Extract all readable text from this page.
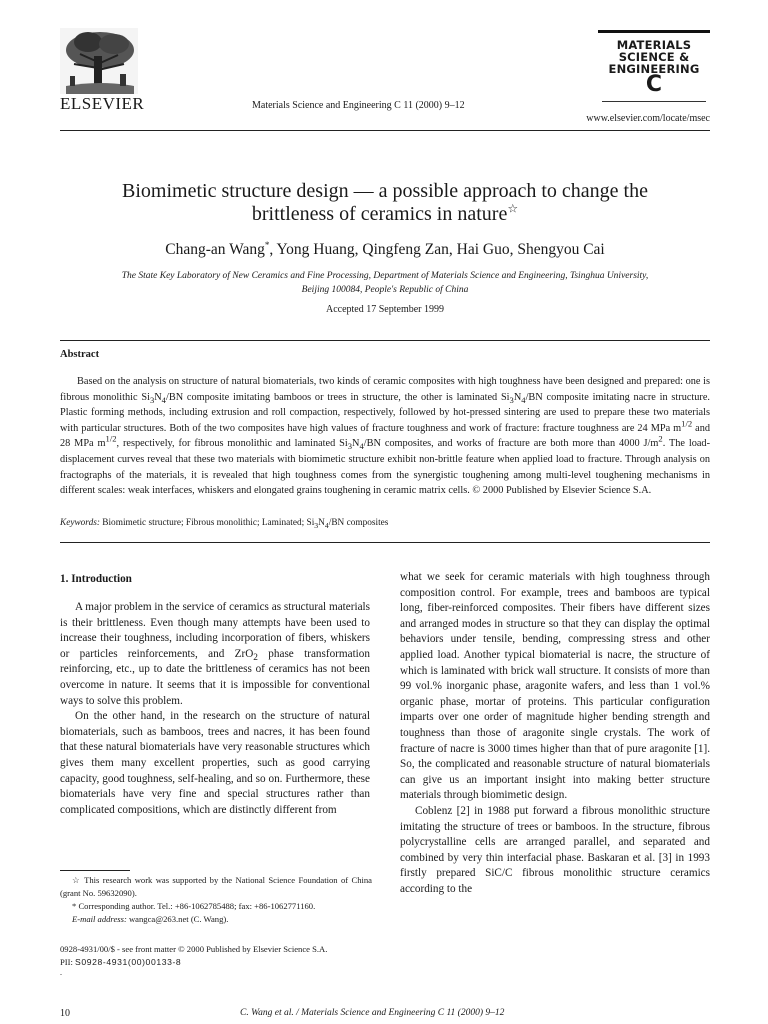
ELSEVIER	Materials Science and Engineering C 11 (2000) 9–12
MATERIALS
SCIENCE &
ENGINEERING
C
www.elsevier.com/locate/msec
Biomimetic structure design — a possible approach to change the
brittleness of ceramics in nature☆
Chang-an Wang*, Yong Huang, Qingfeng Zan, Hai Guo, Shengyou Cai
The State Key Laboratory of New Ceramics and Fine Processing, Department of Materials Science and Engineering, Tsinghua University,
Beijing 100084, People's Republic of China
Accepted 17 September 1999
Abstract

Based on the analysis on structure of natural biomaterials, two kinds of ceramic composites with high toughness have been designed and prepared: one is fibrous monolithic $Si_3N_4/BN$ composite imitating bamboos or trees in structure, the other is laminated $Si_3N_4/BN$ composite imitating nacre in structure. Plastic forming methods, including extrusion and roll compaction, respectively, followed by hot-pressed sintering are used to prepare these two materials with particular structures. Both of the two composites have high values of fracture toughness and work of fracture: fracture toughness are 24 MPa $m^{1/2}$ and 28 MPa $m^{1/2}$, respectively, for fibrous monolithic and laminated $Si_3N_4/BN$ composites, and works of fracture are both more than 4000 $J/m^2$. The load-displacement curves reveal that these two materials with biomimetic structure exhibit non-brittle feature when applied load to fracture. Through analysis on fractographs of the materials, it is revealed that high toughness comes from the synergistic toughening among multi-level toughening mechanisms in different scales: weak interfaces, whiskers and elongated grains toughening in ceramic matrix cells. © 2000 Published by Elsevier Science S.A.

Keywords: Biomimetic structure; Fibrous monolithic; Laminated; $Si_3N_4/BN$ composites
1. Introduction

A major problem in the service of ceramics as structural materials is their brittleness. Even though many attempts have been used to increase their toughness, including incorporation of fibers, whiskers or particles reinforcements, and ZrO$_2$ phase transformation reinforcing, etc., up to date the brittleness of ceramics has not been overcome in nature. It seems that it is impossible for conventional ways to solve this problem.

On the other hand, in the research on the structure of natural biomaterials, such as bamboos, trees and nacres, it has been found that these natural biomaterials have very reasonable structures which gives them many excellent properties, such as good carrying capacity, good toughness, self-healing, and so on. Furthermore, these biomaterials have very fine and special structures rather than complicated compositions, which are distinctly different from

what we seek for ceramic materials with high toughness through composition control. For example, trees and bamboos are typical long, fiber-reinforced composites. Their fibers have different sizes and arranged modes in structure so that they can display the optimal behaviors under tensile, bending, compressing stress and other applied load. Another typical biomaterial is nacre, the structure of which is laminated with brick wall structure. It consists of more than 99 vol.% inorganic phase, aragonite wafers, and less than 1 vol.% organic phase, mortar of proteins. This particular configuration imparts over one order of magnitude higher bending strength and toughness than those of aragonite single crystals. The work of fracture of nacre is 3000 times higher than that of pure aragonite [1]. So, the complicated and reasonable structure of natural biomaterials can give us an important insight into making better structure materials through biomimetic design.

Coblenz [2] in 1988 put forward a fibrous monolithic structure imitating the structure of trees or bamboos. In the structure, fibrous polycrystalline cells are arranged parallel, and separated and combined by very thin interfacial phase. Baskaran et al. [3] in 1993 firstly prepared SiC/C fibrous monolithic structure ceramics according to the

☆ This research work was supported by the National Science Foundation of China (grant No. 59632090).
* Corresponding author. Tel.: +86-1062785488; fax: +86-1062771160.
E-mail address: wangca@263.net (C. Wang).
0928-4931/00/$ - see front matter © 2000 Published by Elsevier Science S.A.
PII: S0928-4931(00)00133-8
.
10	C. Wang et al. / Materials Science and Engineering C 11 (2000) 9–12
